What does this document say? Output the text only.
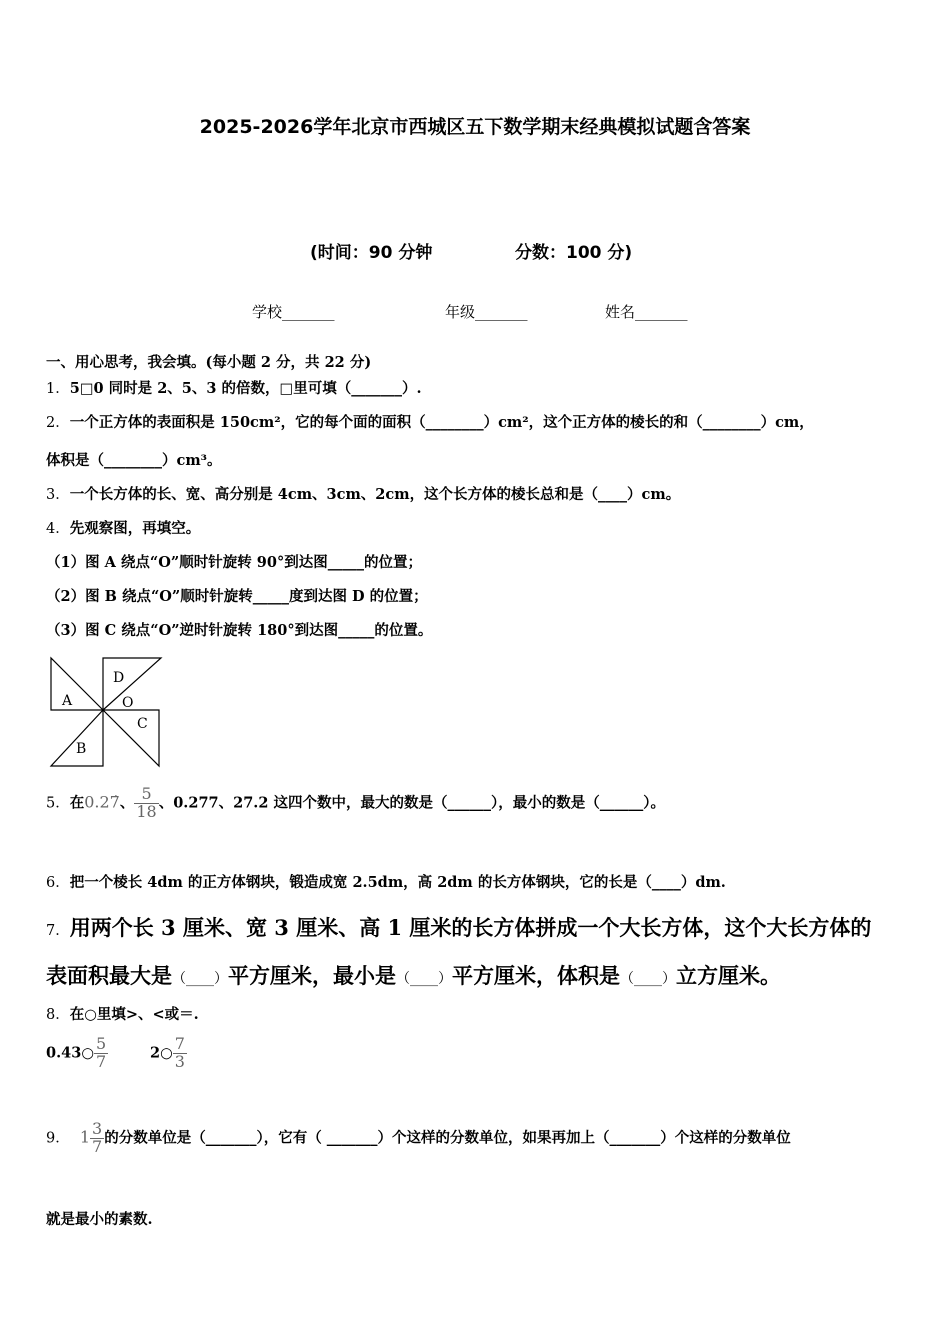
2025-2026学年北京市西城区五下数学期末经典模拟试题含答案
(时间：90 分钟	分数：100 分)
学校_______	年级_______	姓名_______
一、用心思考，我会填。(每小题 2 分，共 22 分)
1．5□0 同时是 2、5、3 的倍数，□里可填（_______）.
2．一个正方体的表面积是 150cm²，它的每个面的面积（________）cm²，这个正方体的棱长的和（________）cm，
体积是（________）cm³。
3．一个长方体的长、宽、高分别是 4cm、3cm、2cm，这个长方体的棱长总和是（____）cm。
4．先观察图，再填空。
（1）图 A 绕点“O”顺时针旋转 90°到达图_____的位置；
（2）图 B 绕点“O”顺时针旋转_____度到达图 D 的位置；
（3）图 C 绕点“O”逆时针旋转 180°到达图_____的位置。
D
A	O
C
B
5．在0.27̇、 $\frac{5}{18}$ 、0.277、27.2 这四个数中，最大的数是（______），最小的数是（______）。
6．把一个棱长 4dm 的正方体钢块，锻造成宽 2.5dm，高 2dm 的长方体钢块，它的长是（____）dm.
7．用两个长 3 厘米、宽 3 厘米、高 1 厘米的长方体拼成一个大长方体，这个大长方体的
表面积最大是（____）平方厘米，最小是（____）平方厘米，体积是（____）立方厘米。
8．在○里填>、<或＝.
0.43○ $\frac{5}{7}$	2○ $\frac{7}{3}$
9． $1 \frac{3}{7}$ 的分数单位是（_______），它有（ _______）个这样的分数单位，如果再加上（_______）个这样的分数单位
就是最小的素数.
